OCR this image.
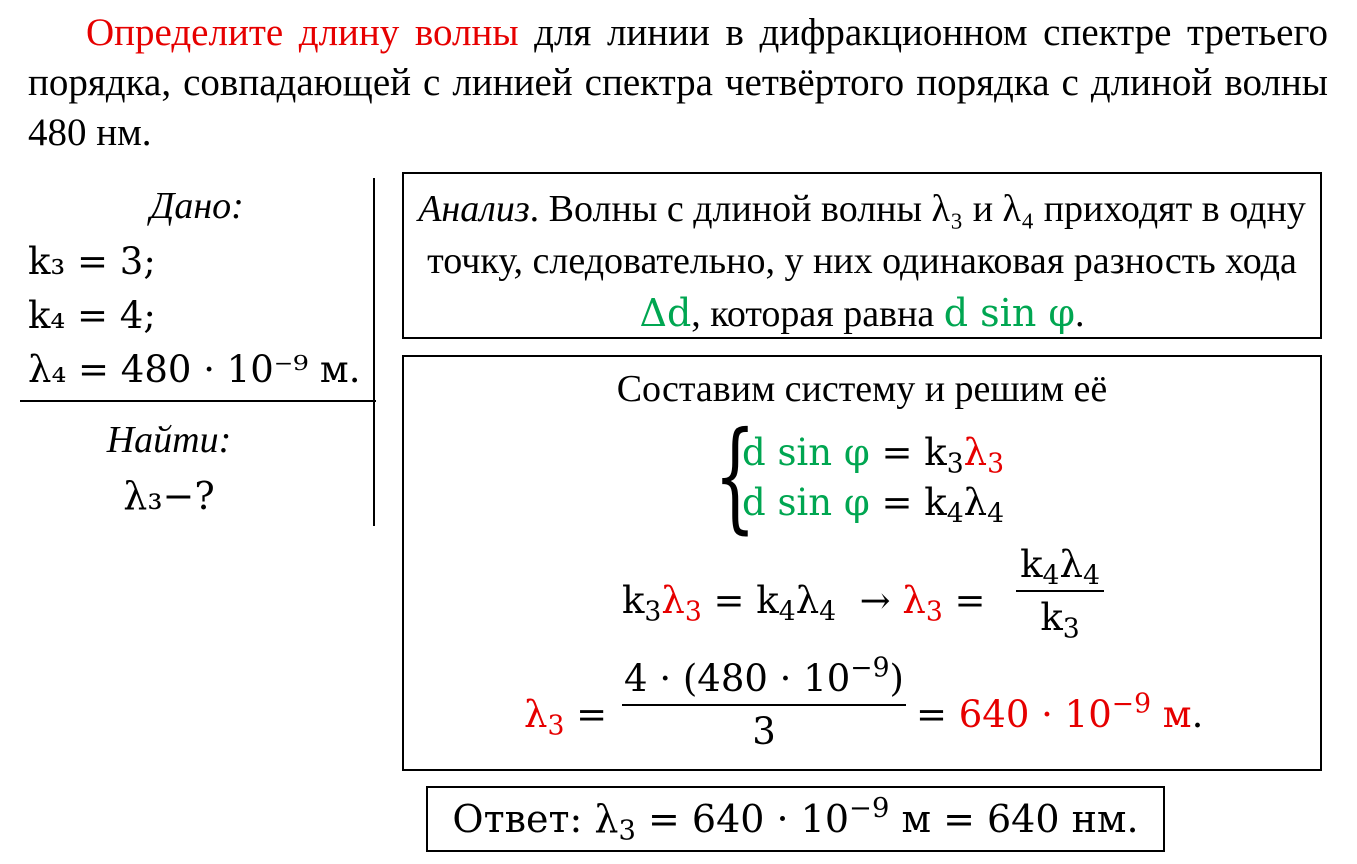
Определите длину волны для линии в дифракционном спектре третьего порядка, совпадающей с линией спектра четвёртого порядка с длиной волны 480 нм.
Дано:
k₃ = 3;
k₄ = 4;
λ₄ = 480 · 10⁻⁹ м.
Найти:
λ₃−?
Анализ. Волны с длиной волны λ₃ и λ₄ приходят в одну точку, следовательно, у них одинаковая разность хода Δd, которая равна d sin φ.
Составим систему и решим её
{
d $\sin \varphi = k_3\lambda_3$
d $\sin \varphi = k_4\lambda_4$
$k_3\lambda_3 = k_4\lambda_4 \to \lambda_3$ =
$k_4\lambda_4$
$k_3$
$\lambda_3$ =
$4 \cdot (480 \cdot 10^{-9})$
3	= $640 \cdot 10^{-9}$ м.
Ответ: $\lambda_3 = 640 \cdot 10^{-9}$ м = 640 нм.
